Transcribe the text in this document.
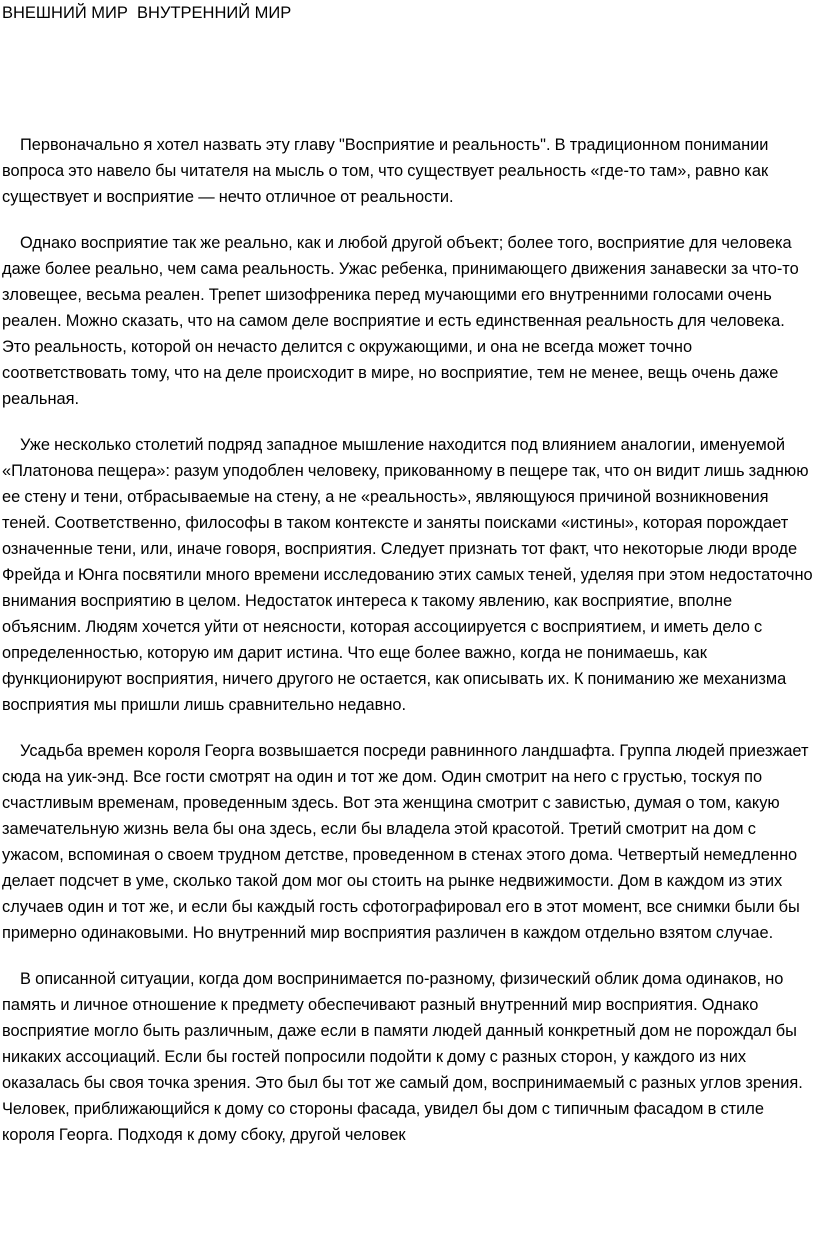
ВНЕШНИЙ МИР  ВНУТРЕННИЙ МИР

Первоначально я хотел назвать эту главу "Восприятие и реальность". В традиционном понимании вопроса это навело бы читателя на мысль о том, что существует реальность «где-то там», равно как существует и восприятие — нечто отличное от реальности.

Однако восприятие так же реально, как и любой другой объект; более того, восприятие для человека даже более реально, чем сама реальность. Ужас ребенка, принимающего движения занавески за что-то зловещее, весьма реален. Трепет шизофреника перед мучающими его внутренними голосами очень реален. Можно сказать, что на самом деле восприятие и есть единственная реальность для человека. Это реальность, которой он нечасто делится с окружающими, и она не всегда может точно соответствовать тому, что на деле происходит в мире, но восприятие, тем не менее, вещь очень даже реальная.

Уже несколько столетий подряд западное мышление находится под влиянием аналогии, именуемой «Платонова пещера»: разум уподоблен человеку, прикованному в пещере так, что он видит лишь заднюю ее стену и тени, отбрасываемые на стену, а не «реальность», являющуюся причиной возникновения теней. Соответственно, философы в таком контексте и заняты поисками «истины», которая порождает означенные тени, или, иначе говоря, восприятия. Следует признать тот факт, что некоторые люди вроде Фрейда и Юнга посвятили много времени исследованию этих самых теней, уделяя при этом недостаточно внимания восприятию в целом. Недостаток интереса к такому явлению, как восприятие, вполне объясним. Людям хочется уйти от неясности, которая ассоциируется с восприятием, и иметь дело с определенностью, которую им дарит истина. Что еще более важно, когда не понимаешь, как функционируют восприятия, ничего другого не остается, как описывать их. К пониманию же механизма восприятия мы пришли лишь сравнительно недавно.

Усадьба времен короля Георга возвышается посреди равнинного ландшафта. Группа людей приезжает сюда на уик-энд. Все гости смотрят на один и тот же дом. Один смотрит на него с грустью, тоскуя по счастливым временам, проведенным здесь. Вот эта женщина смотрит с завистью, думая о том, какую замечательную жизнь вела бы она здесь, если бы владела этой красотой. Третий смотрит на дом с ужасом, вспоминая о своем трудном детстве, проведенном в стенах этого дома. Четвертый немедленно делает подсчет в уме, сколько такой дом мог оы стоить на рынке недвижимости. Дом в каждом из этих случаев один и тот же, и если бы каждый гость сфотографировал его в этот момент, все снимки были бы примерно одинаковыми. Но внутренний мир восприятия различен в каждом отдельно взятом случае.

В описанной ситуации, когда дом воспринимается по-разному, физический облик дома одинаков, но память и личное отношение к предмету обеспечивают разный внутренний мир восприятия. Однако восприятие могло быть различным, даже если в памяти людей данный конкретный дом не порождал бы никаких ассоциаций. Если бы гостей попросили подойти к дому с разных сторон, у каждого из них оказалась бы своя точка зрения. Это был бы тот же самый дом, воспринимаемый с разных углов зрения. Человек, приближающийся к дому со стороны фасада, увидел бы дом с типичным фасадом в стиле короля Георга. Подходя к дому сбоку, другой человек
